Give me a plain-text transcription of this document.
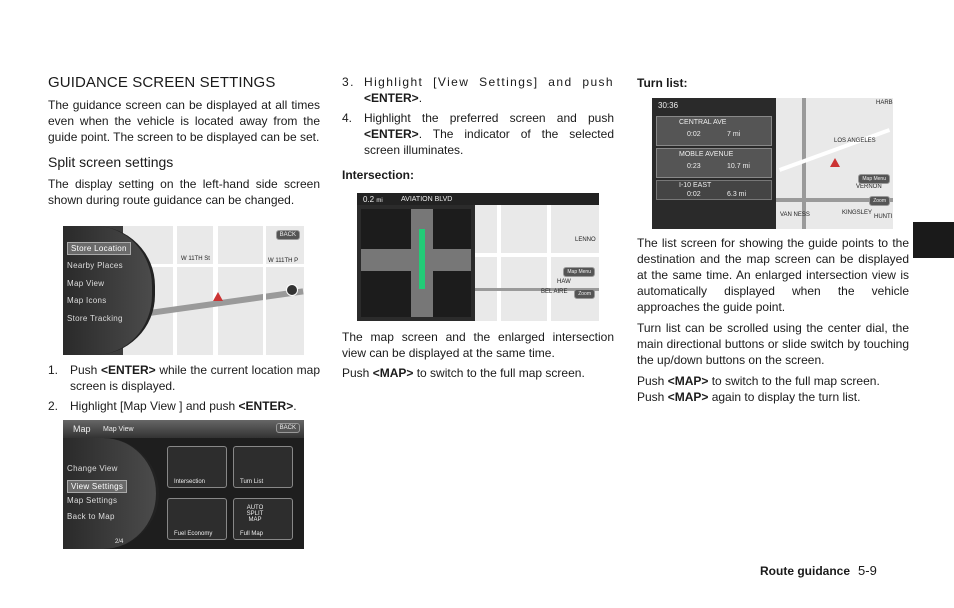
GUIDANCE SCREEN SETTINGS

The guidance screen can be displayed at all times even when the vehicle is located away from the guide point. The screen to be displayed can be set.

Split screen settings

The display setting on the left-hand side screen shown during route guidance can be changed.

W 11TH St	W 111TH P
Store Location
Nearby Places
Map View
Map Icons
Store Tracking
BACK
1. Push <ENTER> while the current location map screen is displayed.
2. Highlight [Map View ] and push <ENTER>.
Map Map View	BACK
Change View
View Settings
Map Settings
Back to Map
2/4
Intersection	Turn List
Fuel Economy
AUTO SPLIT MAP
Full Map
3. Highlight [View Settings] and push <ENTER>.
4. Highlight the preferred screen and push <ENTER>. The indicator of the selected screen illuminates.
Intersection:
0.2 mi	AVIATION BLVD
LENNO
HAW
BEL AIRE
Map Menu
Zoom

The map screen and the enlarged intersection view can be displayed at the same time.

Push <MAP> to switch to the full map screen.

Turn list:
30:36
CENTRAL AVE
0:02	7 mi
MOBLE AVENUE
0:23	10.7 mi
I-10 EAST
0:02	6.3 mi
HARB
LOS ANGELES
VAN NESS
VERNON
KINGSLEY
HUNTI
Map Menu
Zoom

The list screen for showing the guide points to the destination and the map screen can be displayed at the same time. An enlarged intersection view is automatically displayed when the vehicle approaches the guide point.

Turn list can be scrolled using the center dial, the main directional buttons or slide switch by touching the up/down buttons on the screen.

Push <MAP> to switch to the full map screen.

Push <MAP> again to display the turn list.

Route guidance 5-9
